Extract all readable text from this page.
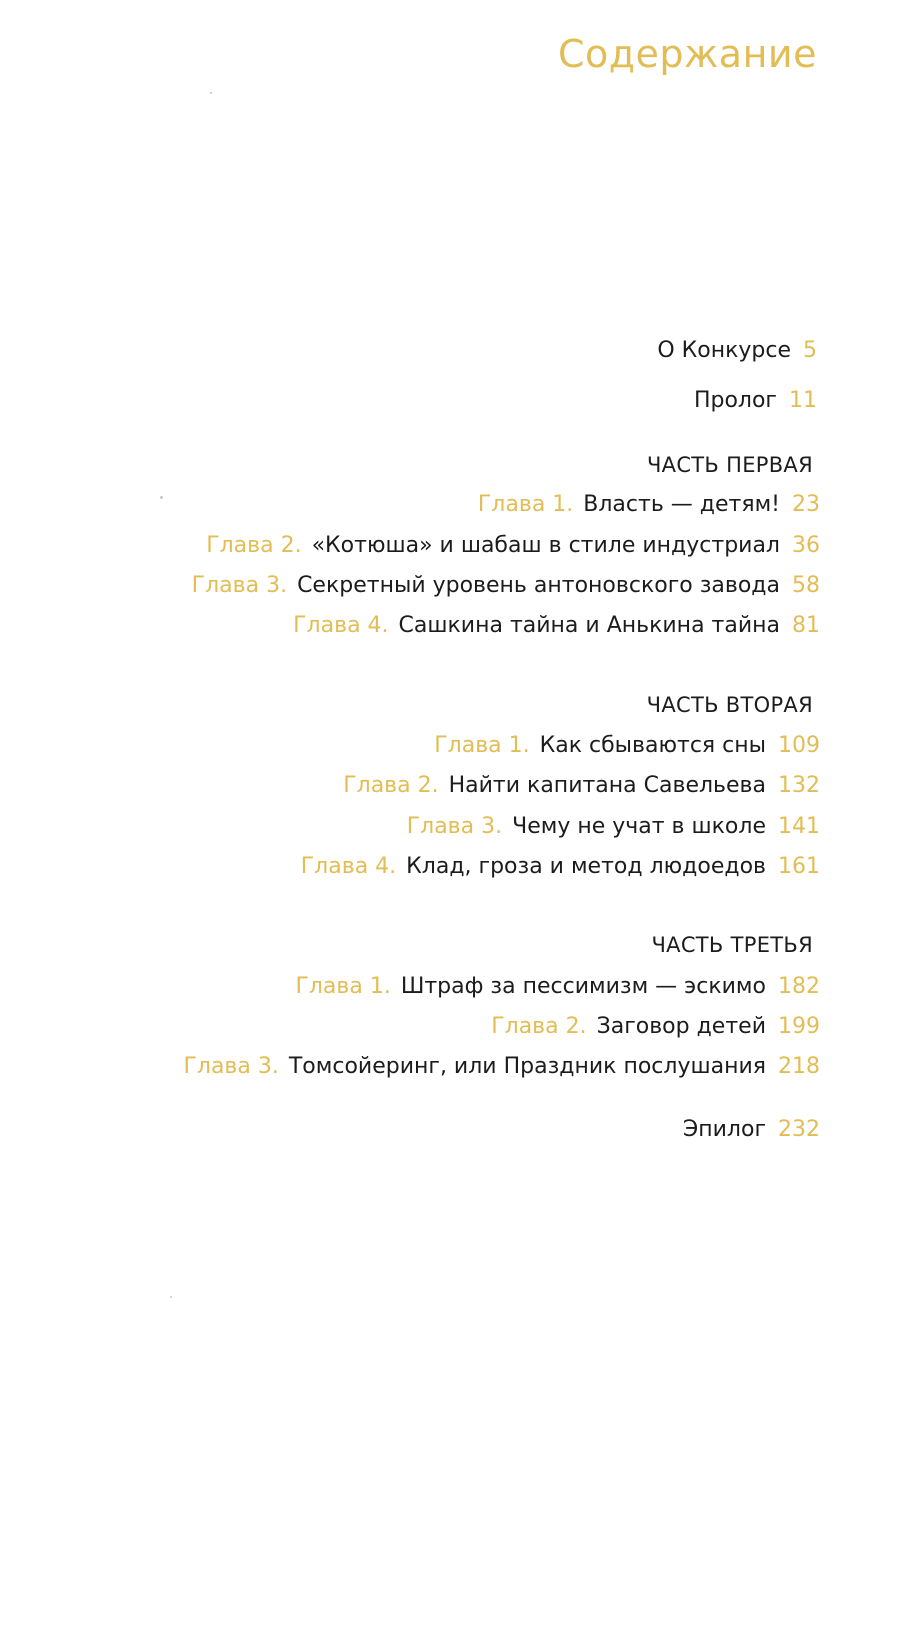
Содержание
О Конкурсе 5
Пролог 11
ЧАСТЬ ПЕРВАЯ
Глава 1. Власть — детям! 23
Глава 2. «Котюша» и шабаш в стиле индустриал 36
Глава 3. Секретный уровень антоновского завода 58
Глава 4. Сашкина тайна и Анькина тайна 81
ЧАСТЬ ВТОРАЯ
Глава 1. Как сбываются сны 109
Глава 2. Найти капитана Савельева 132
Глава 3. Чему не учат в школе 141
Глава 4. Клад, гроза и метод людоедов 161
ЧАСТЬ ТРЕТЬЯ
Глава 1. Штраф за пессимизм — эскимо 182
Глава 2. Заговор детей 199
Глава 3. Томсойеринг, или Праздник послушания 218
Эпилог 232
